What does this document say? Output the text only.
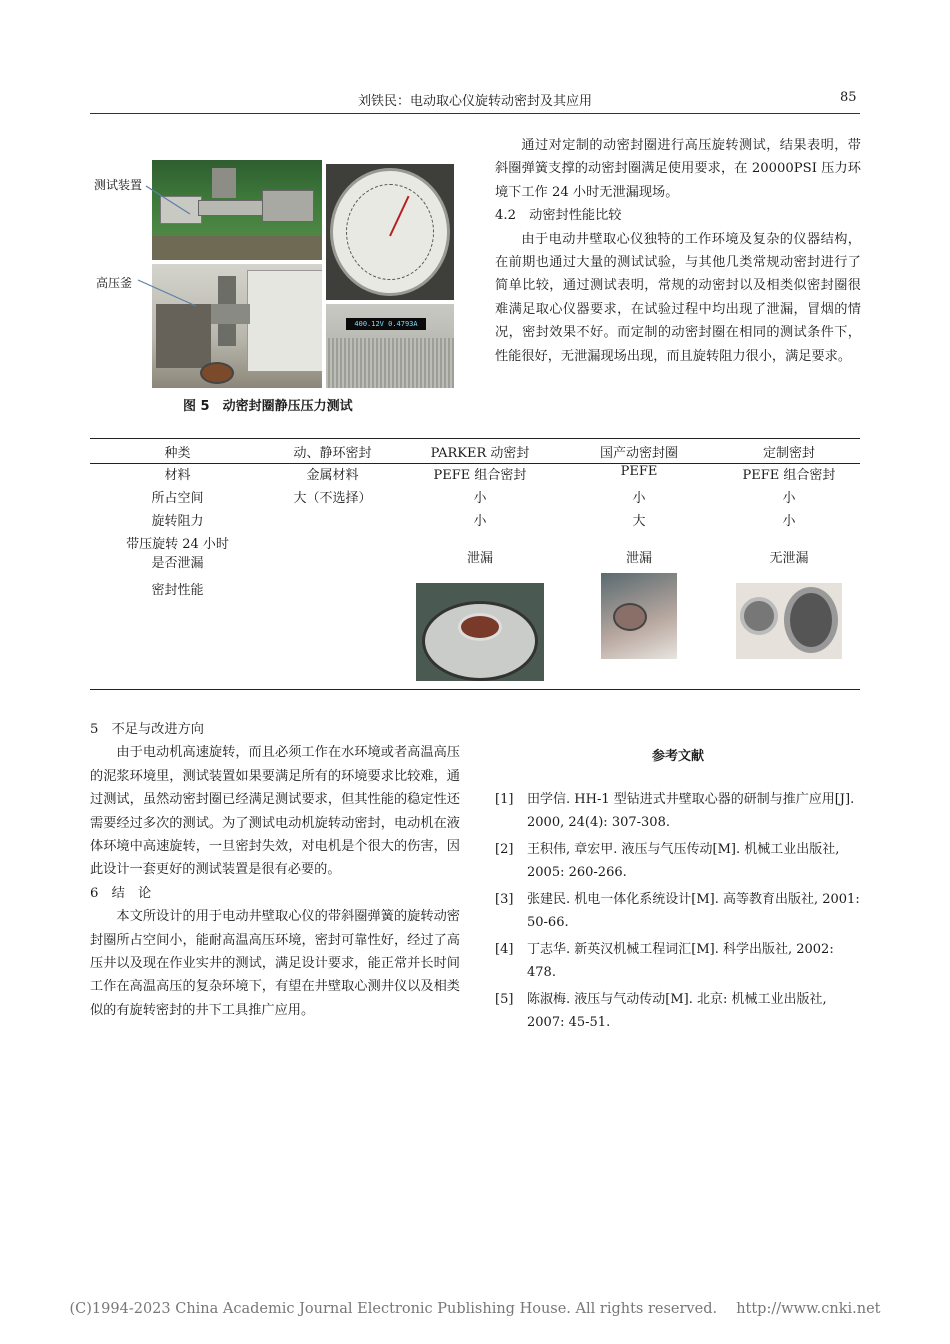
刘铁民：电动取心仪旋转动密封及其应用	85
400.12V 0.4793A
测试装置
高压釜
图 5　动密封圈静压压力测试

通过对定制的动密封圈进行高压旋转测试，结果表明，带斜圈弹簧支撑的动密封圈满足使用要求，在 20000PSI 压力环境下工作 24 小时无泄漏现场。

4.2　动密封性能比较

由于电动井壁取心仪独特的工作环境及复杂的仪器结构，在前期也通过大量的测试试验，与其他几类常规动密封进行了简单比较，通过测试表明，常规的动密封以及相类似密封圈很难满足取心仪器要求，在试验过程中均出现了泄漏，冒烟的情况，密封效果不好。而定制的动密封圈在相同的测试条件下，性能很好，无泄漏现场出现，而且旋转阻力很小，满足要求。

种类	动、静环密封	PARKER 动密封	国产动密封圈	定制密封
材料	金属材料	PEFE 组合密封	PEFE	PEFE 组合密封
所占空间	大（不选择）	小	小	小
旋转阻力		小	大	小

带压旋转 24 小时
是否泄漏		泄漏	泄漏	无泄漏
密封性能		

5　不足与改进方向

由于电动机高速旋转，而且必须工作在水环境或者高温高压的泥浆环境里，测试装置如果要满足所有的环境要求比较难，通过测试，虽然动密封圈已经满足测试要求，但其性能的稳定性还需要经过多次的测试。为了测试电动机旋转动密封，电动机在液体环境中高速旋转，一旦密封失效，对电机是个很大的伤害，因此设计一套更好的测试装置是很有必要的。

6　结　论

本文所设计的用于电动井壁取心仪的带斜圈弹簧的旋转动密封圈所占空间小，能耐高温高压环境，密封可靠性好，经过了高压井以及现在作业实井的测试，满足设计要求，能正常并长时间工作在高温高压的复杂环境下，有望在井壁取心测井仪以及相类似的有旋转密封的井下工具推广应用。

参考文献
[1]	田学信. HH-1 型钻进式井壁取心器的研制与推广应用[J]. 2000, 24(4): 307-308.
[2]	王积伟, 章宏甲. 液压与气压传动[M]. 机械工业出版社, 2005: 260-266.
[3]	张建民. 机电一体化系统设计[M]. 高等教育出版社, 2001: 50-66.
[4]	丁志华. 新英汉机械工程词汇[M]. 科学出版社, 2002: 478.
[5]	陈淑梅. 液压与气动传动[M]. 北京: 机械工业出版社, 2007: 45-51.
(C)1994-2023 China Academic Journal Electronic Publishing House. All rights reserved.　 http://www.cnki.net
